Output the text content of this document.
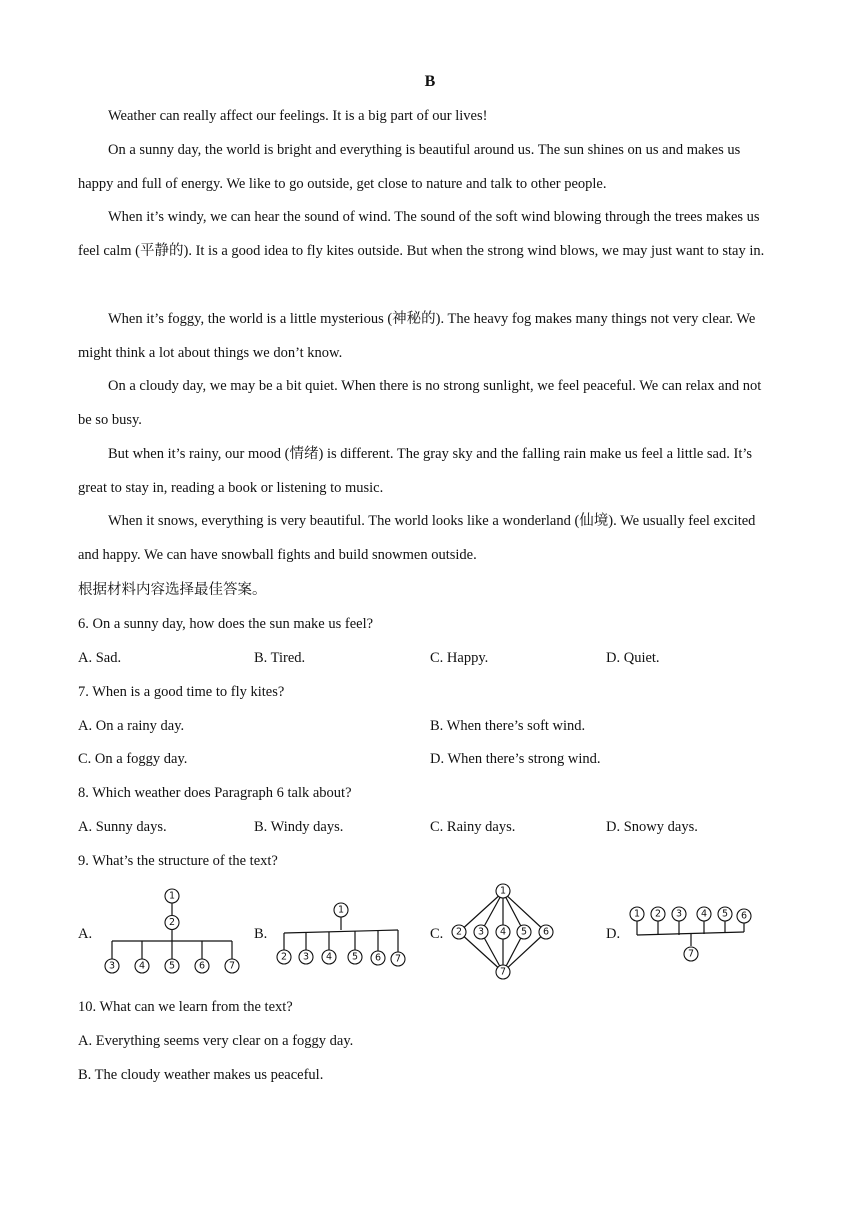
B

Weather can really affect our feelings. It is a big part of our lives!

On a sunny day, the world is bright and everything is beautiful around us. The sun shines on us and makes us happy and full of energy. We like to go outside, get close to nature and talk to other people.

When it’s windy, we can hear the sound of wind. The sound of the soft wind blowing through the trees makes us feel calm (平静的). It is a good idea to fly kites outside. But when the strong wind blows, we may just want to stay in.

When it’s foggy, the world is a little mysterious (神秘的). The heavy fog makes many things not very clear. We might think a lot about things we don’t know.

On a cloudy day, we may be a bit quiet. When there is no strong sunlight, we feel peaceful. We can relax and not be so busy.

But when it’s rainy, our mood (情绪) is different. The gray sky and the falling rain make us feel a little sad. It’s great to stay in, reading a book or listening to music.

When it snows, everything is very beautiful. The world looks like a wonderland (仙境). We usually feel excited and happy. We can have snowball fights and build snowmen outside.

根据材料内容选择最佳答案。
6. On a sunny day, how does the sun make us feel?
A. Sad.	B. Tired.	C. Happy.	D. Quiet.
7. When is a good time to fly kites?
A. On a rainy day.	B. When there’s soft wind.
C. On a foggy day.	D. When there’s strong wind.
8. Which weather does Paragraph 6 talk about?
A. Sunny days.	B. Windy days.	C. Rainy days.	D. Snowy days.
9. What’s the structure of the text?
A.	B.	C.	D.
1
2
3	4	5	6	7
1
2 3 4 5 6 7
1
2 3 4 5 6
7
1 2 3 4 5 6
7
10. What can we learn from the text?
A. Everything seems very clear on a foggy day.
B. The cloudy weather makes us peaceful.
